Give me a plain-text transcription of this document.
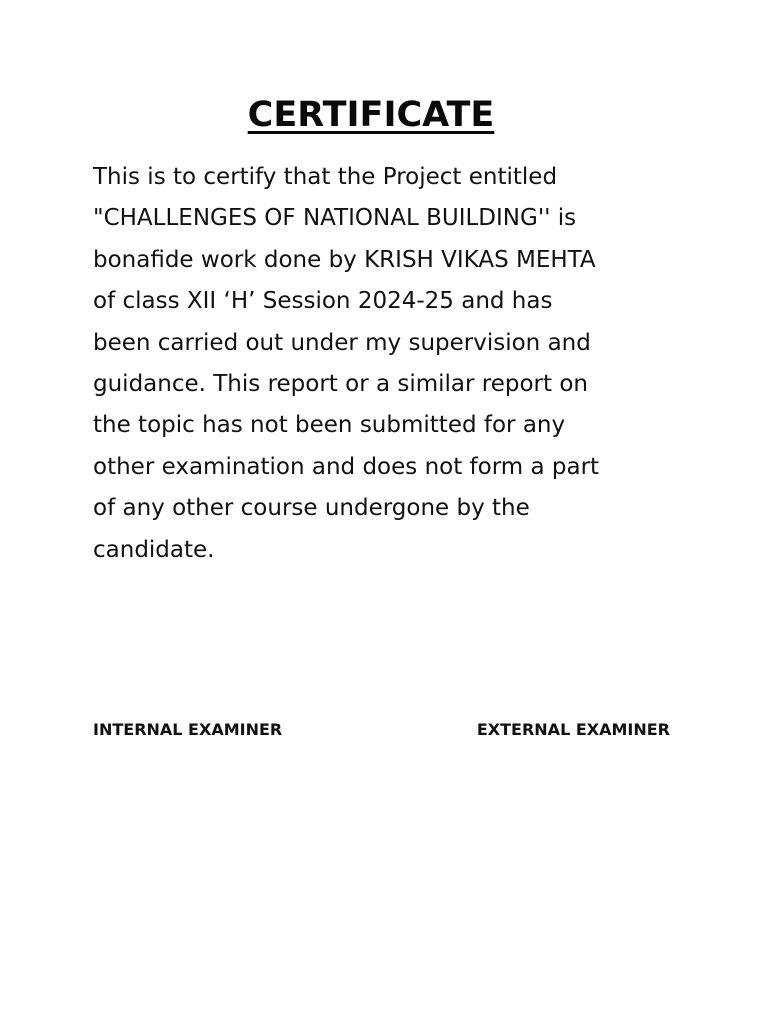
CERTIFICATE

This is to certify that the Project entitled
"CHALLENGES OF NATIONAL BUILDING'' is
bonafide work done by KRISH VIKAS MEHTA
of class XII ‘H’ Session 2024-25 and has
been carried out under my supervision and
guidance. This report or a similar report on
the topic has not been submitted for any
other examination and does not form a part
of any other course undergone by the
candidate.

INTERNAL EXAMINER	EXTERNAL EXAMINER
